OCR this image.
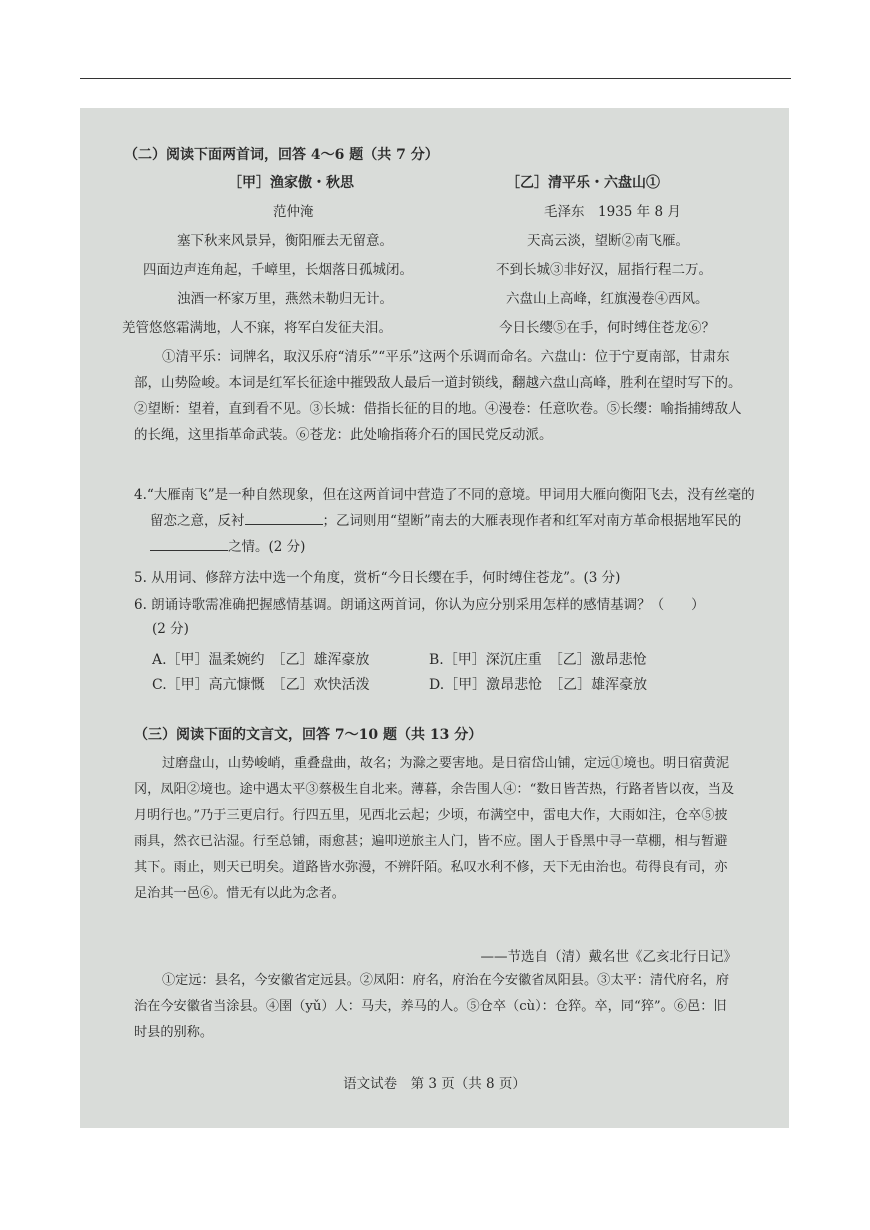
（二）阅读下面两首词，回答 4～6 题（共 7 分）
［甲］渔家傲・秋思	［乙］清平乐・六盘山①
范仲淹	毛泽东　1935 年 8 月
塞下秋来风景异，衡阳雁去无留意。
四面边声连角起，千嶂里，长烟落日孤城闭。
浊酒一杯家万里，燕然未勒归无计。
羌管悠悠霜满地，人不寐，将军白发征夫泪。
天高云淡，望断②南飞雁。
不到长城③非好汉，屈指行程二万。
六盘山上高峰，红旗漫卷④西风。
今日长缨⑤在手，何时缚住苍龙⑥？
①清平乐：词牌名，取汉乐府“清乐”“平乐”这两个乐调而命名。六盘山：位于宁夏南部，甘肃东部，山势险峻。本词是红军长征途中摧毁敌人最后一道封锁线，翻越六盘山高峰，胜利在望时写下的。②望断：望着，直到看不见。③长城：借指长征的目的地。④漫卷：任意吹卷。⑤长缨：喻指捕缚敌人的长绳，这里指革命武装。⑥苍龙：此处喻指蒋介石的国民党反动派。
4.“大雁南飞”是一种自然现象，但在这两首词中营造了不同的意境。甲词用大雁向衡阳飞去，没有丝毫的留恋之意，反衬	；乙词则用“望断”南去的大雁表现作者和红军对南方革命根据地军民的之情。(2 分)
5. 从用词、修辞方法中选一个角度，赏析“今日长缨在手，何时缚住苍龙”。(3 分)
6. 朗诵诗歌需准确把握感情基调。朗诵这两首词，你认为应分别采用怎样的感情基调？（　　）
(2 分)
A.［甲］温柔婉约　［乙］雄浑豪放	B.［甲］深沉庄重　［乙］激昂悲怆
C.［甲］高亢慷慨　［乙］欢快活泼	D.［甲］激昂悲怆　［乙］雄浑豪放
（三）阅读下面的文言文，回答 7～10 题（共 13 分）
过磨盘山，山势峻峭，重叠盘曲，故名；为滁之要害地。是日宿岱山铺，定远①境也。明日宿黄泥冈，凤阳②境也。途中遇太平③蔡极生自北来。薄暮，余告围人④：“数日皆苦热，行路者皆以夜，当及月明行也。”乃于三更启行。行四五里，见西北云起；少顷，布满空中，雷电大作，大雨如注，仓卒⑤披雨具，然衣已沾湿。行至总铺，雨愈甚；遍叩逆旅主人门，皆不应。圉人于昏黑中寻一草棚，相与暂避其下。雨止，则天已明矣。道路皆水弥漫，不辨阡陌。私叹水利不修，天下无由治也。苟得良有司，亦足治其一邑⑥。惜无有以此为念者。
——节选自（清）戴名世《乙亥北行日记》
①定远：县名，今安徽省定远县。②凤阳：府名，府治在今安徽省凤阳县。③太平：清代府名，府治在今安徽省当涂县。④圉（yǔ）人：马夫，养马的人。⑤仓卒（cù）：仓猝。卒，同“猝”。⑥邑：旧时县的别称。
语文试卷　第 3 页（共 8 页）
